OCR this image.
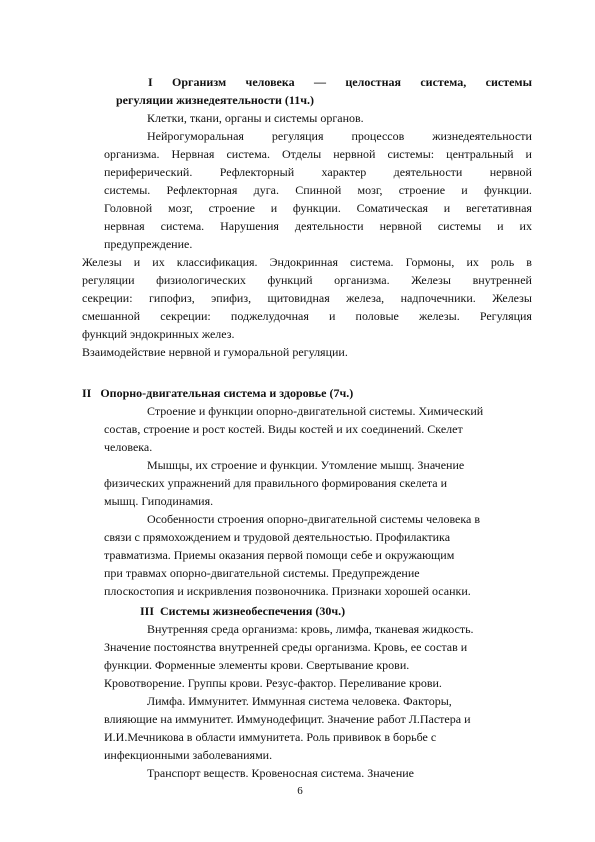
I Организм человека — целостная система, системы
регуляции жизнедеятельности (11ч.)
Клетки, ткани, органы и системы органов.
Нейрогуморальная регуляция процессов жизнедеятельности
организма. Нервная система. Отделы нервной системы: центральный и
периферический. Рефлекторный характер деятельности нервной
системы. Рефлекторная дуга. Спинной мозг, строение и функции.
Головной мозг, строение и функции. Соматическая и вегетативная
нервная система. Нарушения деятельности нервной системы и их
предупреждение.
Железы и их классификация. Эндокринная система. Гормоны, их роль в
регуляции физиологических функций организма. Железы внутренней
секреции: гипофиз, эпифиз, щитовидная железа, надпочечники. Железы
смешанной секреции: поджелудочная и половые железы. Регуляция
функций эндокринных желез.
Взаимодействие нервной и гуморальной регуляции.
II Опорно-двигательная система и здоровье (7ч.)
Строение и функции опорно-двигательной системы. Химический
состав, строение и рост костей. Виды костей и их соединений. Скелет
человека.
Мышцы, их строение и функции. Утомление мышц. Значение
физических упражнений для правильного формирования скелета и
мышц. Гиподинамия.
Особенности строения опорно-двигательной системы человека в
связи с прямохождением и трудовой деятельностью. Профилактика
травматизма. Приемы оказания первой помощи себе и окружающим
при травмах опорно-двигательной системы. Предупреждение
плоскостопия и искривления позвоночника. Признаки хорошей осанки.
III Системы жизнеобеспечения (30ч.)
Внутренняя среда организма: кровь, лимфа, тканевая жидкость.
Значение постоянства внутренней среды организма. Кровь, ее состав и
функции. Форменные элементы крови. Свертывание крови.
Кровотворение. Группы крови. Резус-фактор. Переливание крови.
Лимфа. Иммунитет. Иммунная система человека. Факторы,
влияющие на иммунитет. Иммунодефицит. Значение работ Л.Пастера и
И.И.Мечникова в области иммунитета. Роль прививок в борьбе с
инфекционными заболеваниями.
Транспорт веществ. Кровеносная система. Значение
6
